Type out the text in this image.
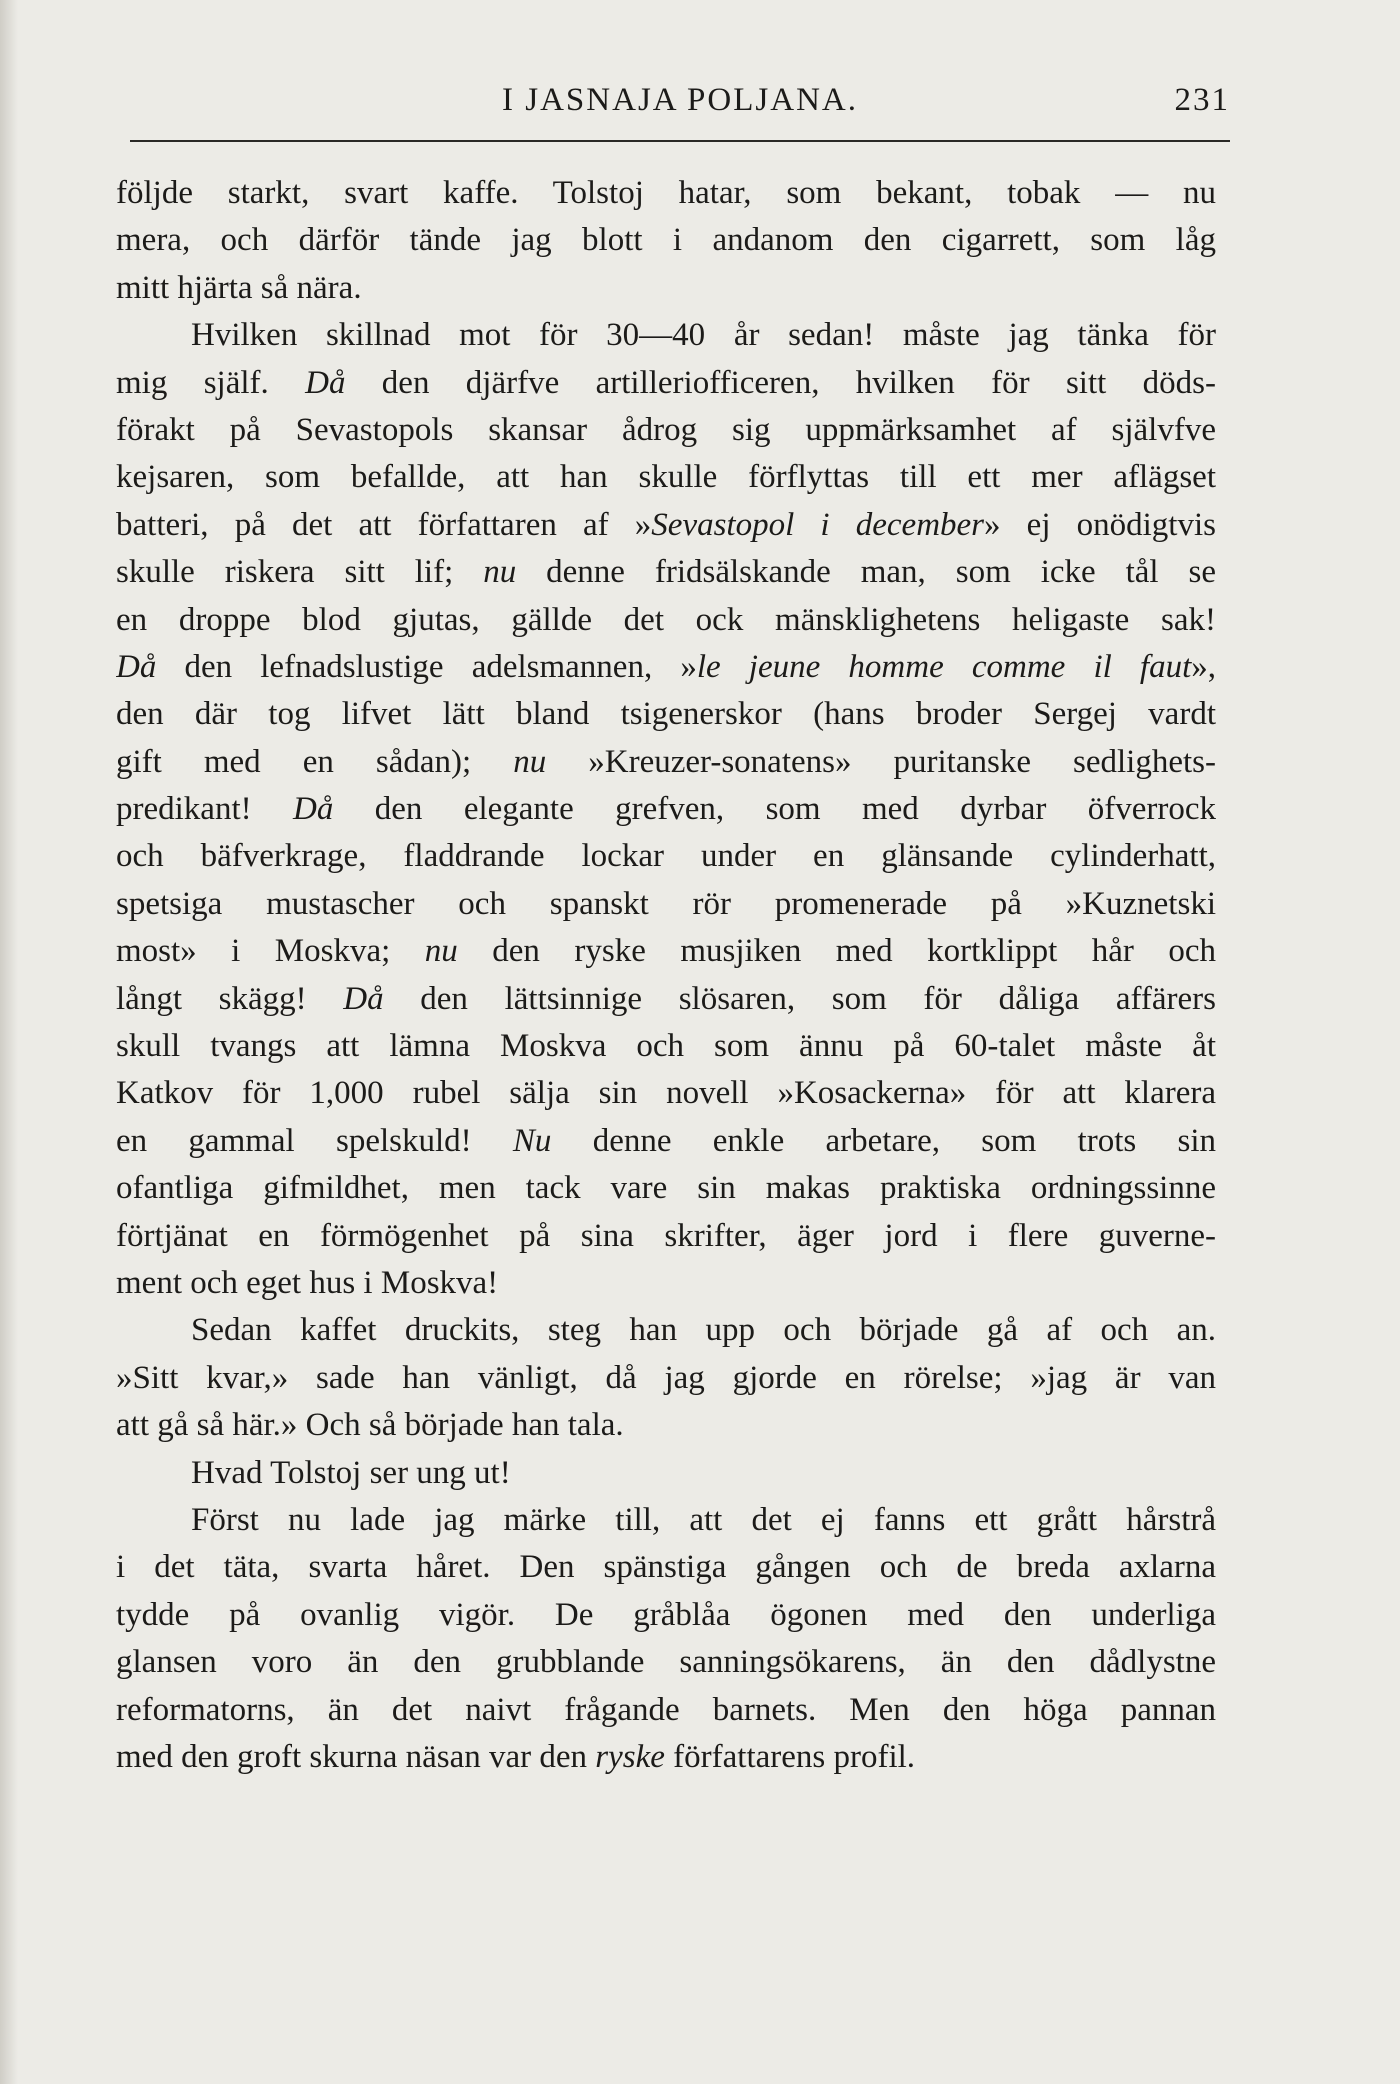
I JASNAJA POLJANA.	231
följde starkt, svart kaffe. Tolstoj hatar, som bekant, tobak — nu
mera, och därför tände jag blott i andanom den cigarrett, som låg
mitt hjärta så nära.
Hvilken skillnad mot för 30—40 år sedan! måste jag tänka för
mig själf. Då den djärfve artilleriofficeren, hvilken för sitt döds-
förakt på Sevastopols skansar ådrog sig uppmärksamhet af självfve
kejsaren, som befallde, att han skulle förflyttas till ett mer aflägset
batteri, på det att författaren af »Sevastopol i december» ej onödigtvis
skulle riskera sitt lif; nu denne fridsälskande man, som icke tål se
en droppe blod gjutas, gällde det ock mänsklighetens heligaste sak!
Då den lefnadslustige adelsmannen, »le jeune homme comme il faut»,
den där tog lifvet lätt bland tsigenerskor (hans broder Sergej vardt
gift med en sådan); nu »Kreuzer-sonatens» puritanske sedlighets-
predikant! Då den elegante grefven, som med dyrbar öfverrock
och bäfverkrage, fladdrande lockar under en glänsande cylinderhatt,
spetsiga mustascher och spanskt rör promenerade på »Kuznetski
most» i Moskva; nu den ryske musjiken med kortklippt hår och
långt skägg! Då den lättsinnige slösaren, som för dåliga affärers
skull tvangs att lämna Moskva och som ännu på 60-talet måste åt
Katkov för 1,000 rubel sälja sin novell »Kosackerna» för att klarera
en gammal spelskuld! Nu denne enkle arbetare, som trots sin
ofantliga gifmildhet, men tack vare sin makas praktiska ordningssinne
förtjänat en förmögenhet på sina skrifter, äger jord i flere guverne-
ment och eget hus i Moskva!
Sedan kaffet druckits, steg han upp och började gå af och an.
»Sitt kvar,» sade han vänligt, då jag gjorde en rörelse; »jag är van
att gå så här.» Och så började han tala.
Hvad Tolstoj ser ung ut!
Först nu lade jag märke till, att det ej fanns ett grått hårstrå
i det täta, svarta håret. Den spänstiga gången och de breda axlarna
tydde på ovanlig vigör. De gråblåa ögonen med den underliga
glansen voro än den grubblande sanningsökarens, än den dådlystne
reformatorns, än det naivt frågande barnets. Men den höga pannan
med den groft skurna näsan var den ryske författarens profil.
